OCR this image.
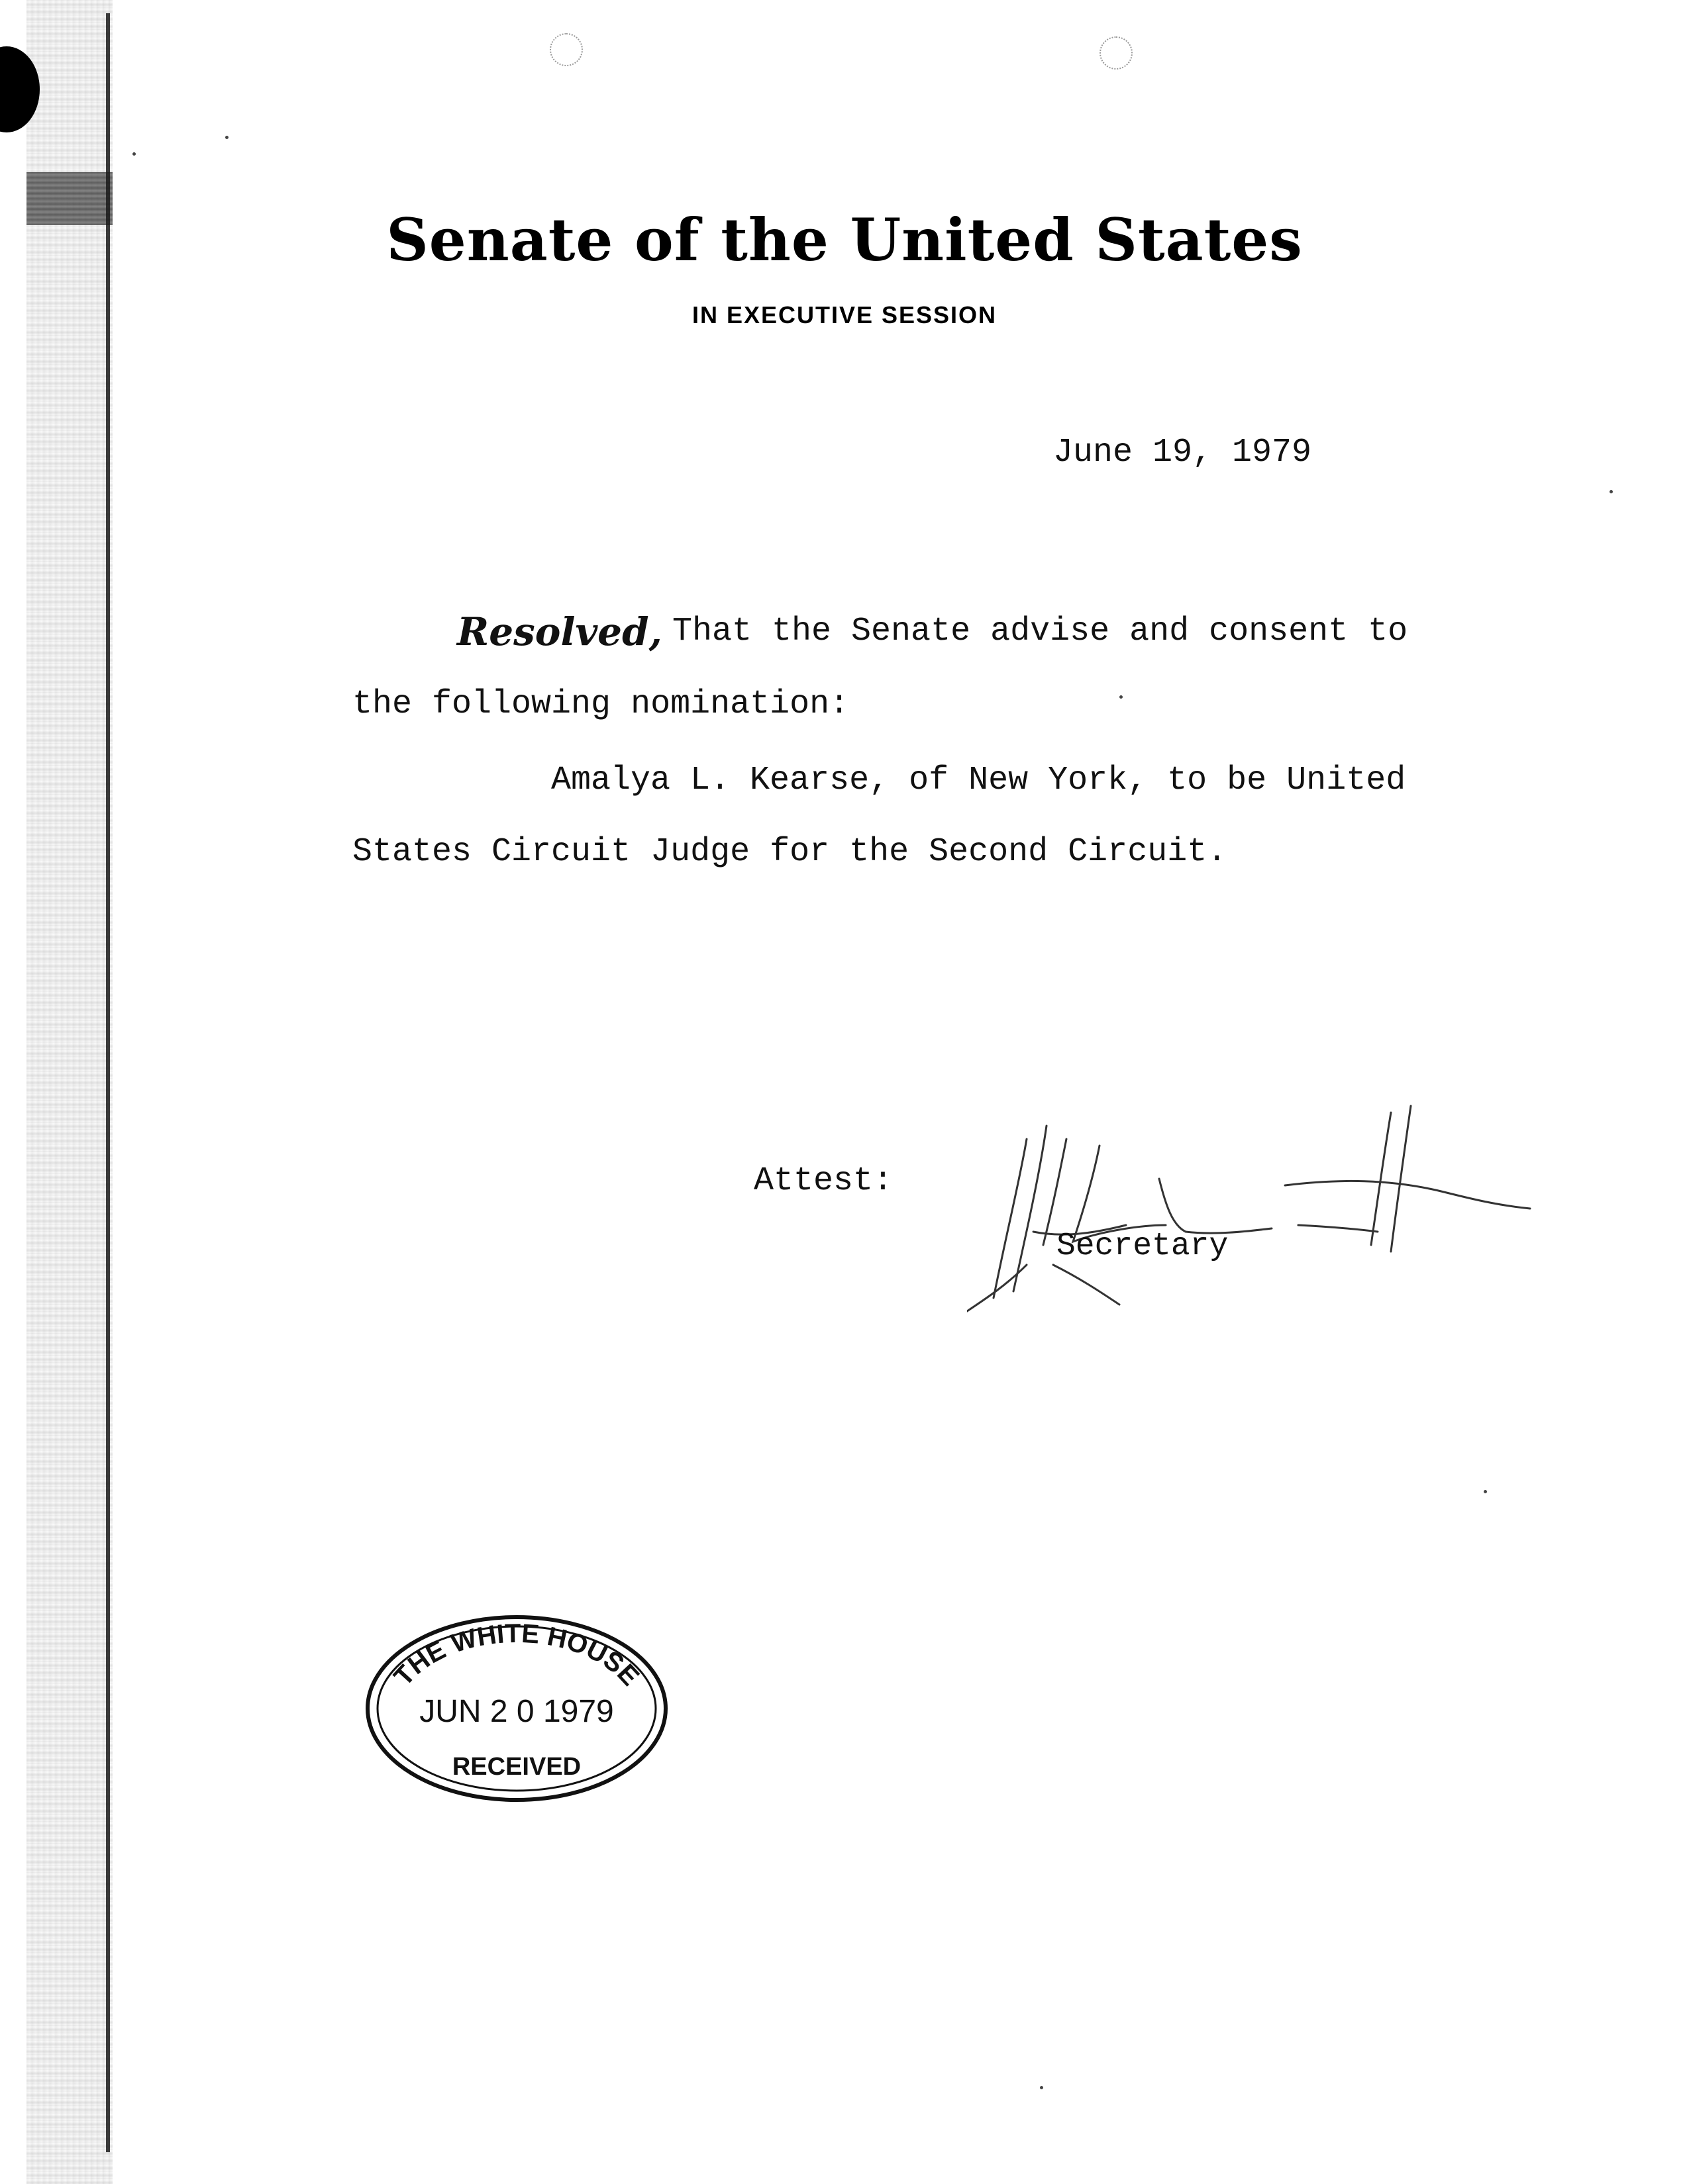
Senate of the United States
IN EXECUTIVE SESSION
June 19, 1979
Resolved, That the Senate advise and consent to
the following nomination:
Amalya L. Kearse, of New York, to be United
States Circuit Judge for the Second Circuit.
Attest:
Secretary
THE WHITE HOUSE
JUN 2 0 1979
RECEIVED
